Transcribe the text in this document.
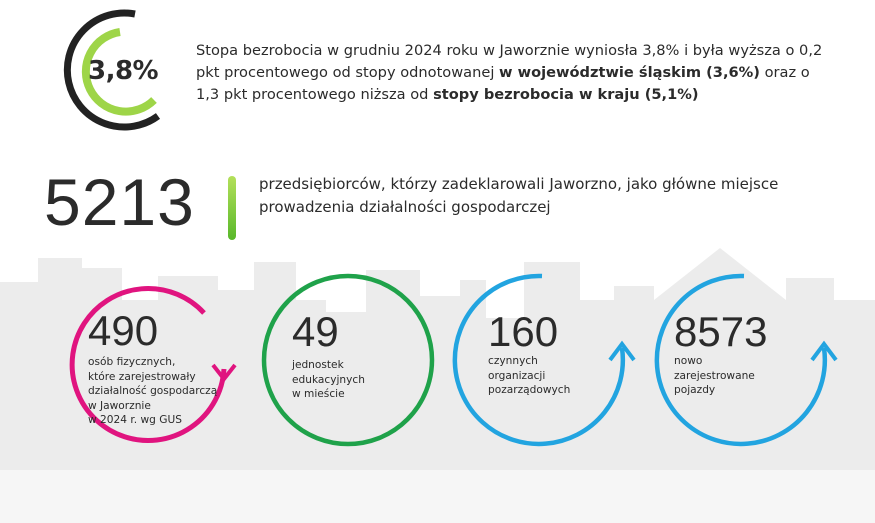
3,8%
Stopa bezrobocia w grudniu 2024 roku w Jaworznie wyniosła 3,8% i była wyższa o 0,2 pkt procentowego od stopy odnotowanej w województwie śląskim (3,6%) oraz o 1,3 pkt procentowego niższa od stopy bezrobocia w kraju (5,1%)
5213	przedsiębiorców, którzy zadeklarowali Jaworzno, jako główne miejsce prowadzenia działalności gospodarczej
490
osób fizycznych,
które zarejestrowały
działalność gospodarczą
w Jaworznie
w 2024 r. wg GUS
49
jednostek
edukacyjnych
w mieście
160
czynnych
organizacji
pozarządowych
8573
nowo
zarejestrowane
pojazdy
